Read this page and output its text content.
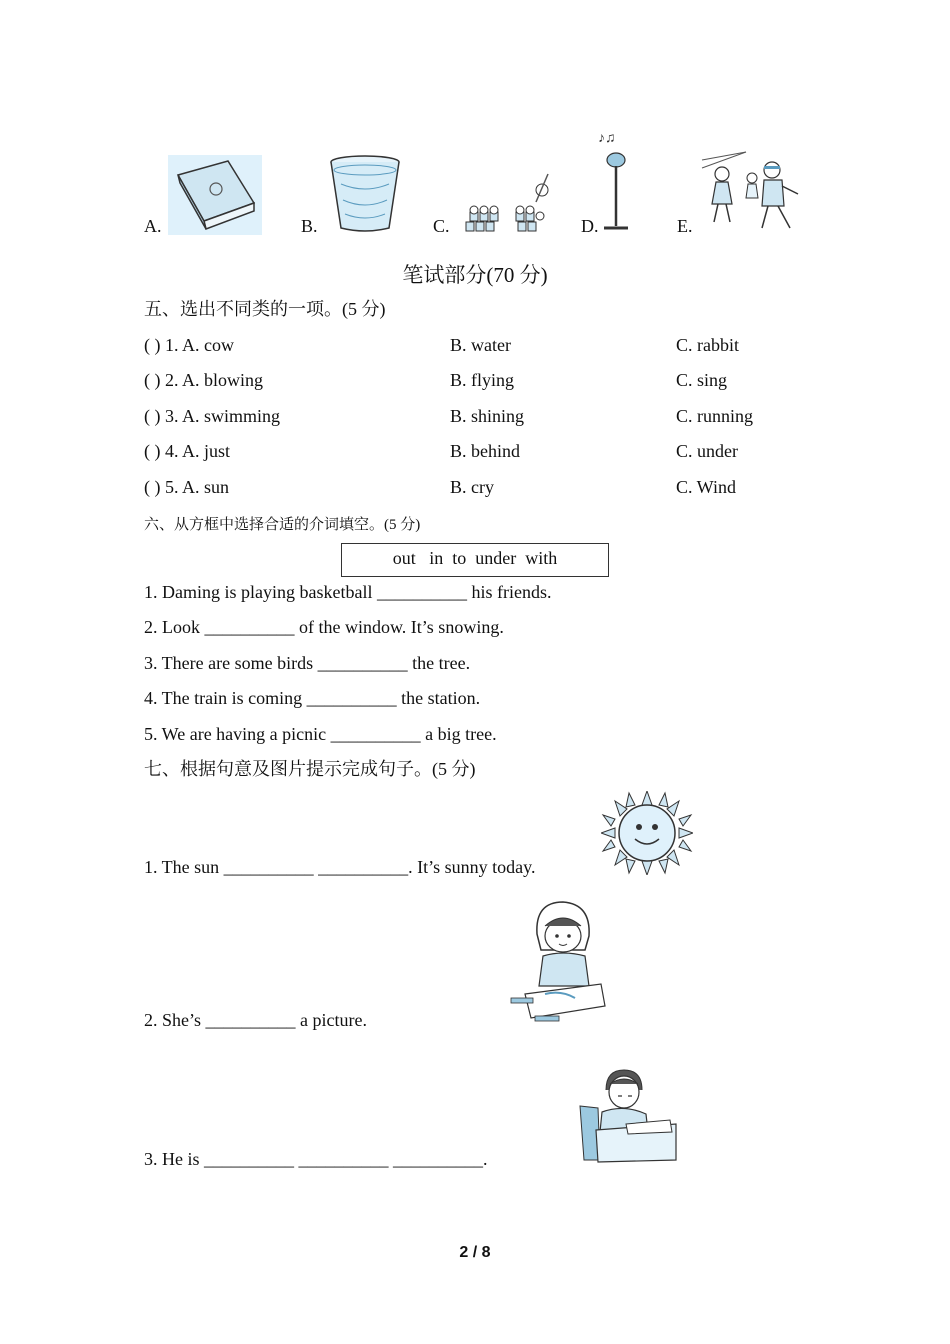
A.	B.	C.	D.
♪♫
E.
笔试部分(70 分)
五、选出不同类的一项。(5 分)
( ) 1. A. cow	B. water	C. rabbit
( ) 2. A. blowing	B. flying	C. sing
( ) 3. A. swimming	B. shining	C. running
( ) 4. A. just	B. behind	C. under
( ) 5. A. sun	B. cry	C. Wind
六、从方框中选择合适的介词填空。(5 分)
out   in  to  under  with
1. Daming is playing basketball __________ his friends.
2. Look __________ of the window. It’s snowing.
3. There are some birds __________ the tree.
4. The train is coming __________ the station.
5. We are having a picnic __________ a big tree.
七、根据句意及图片提示完成句子。(5 分)
1. The sun __________ __________. It’s sunny today.
2. She’s __________ a picture.
3. He is __________ __________ __________.
2 / 8
